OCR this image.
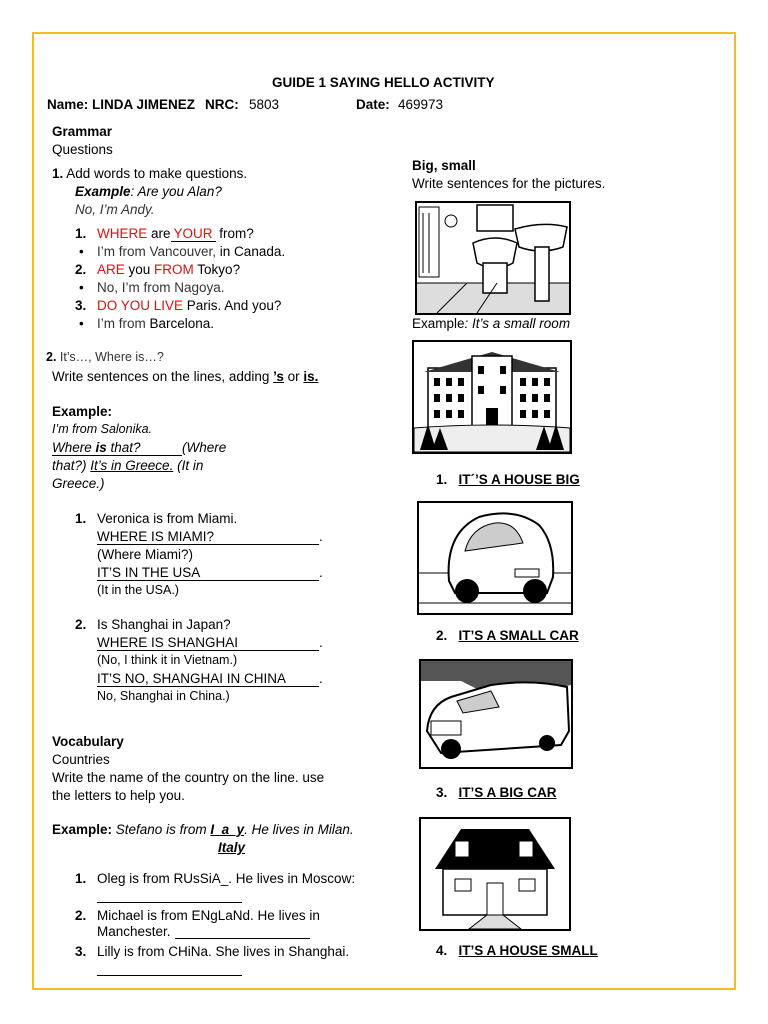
GUIDE 1 SAYING HELLO ACTIVITY
Name: LINDA JIMENEZ NRC: 5803	Date: 469973
Grammar
Questions
1. Add words to make questions.
Example: Are you Alan?
No, I’m Andy.
1. WHERE are YOUR from?
• I’m from Vancouver, in Canada.
2. ARE you FROM Tokyo?
• No, I’m from Nagoya.
3. DO YOU LIVE Paris. And you?
• I’m from Barcelona.
2. It’s…, Where is…?
Write sentences on the lines, adding ’s or is.
Example:
I’m from Salonika.
Where is that?	(Where
that?) It’s in Greece. (It in
Greece.)
1. Veronica is from Miami.
WHERE IS MIAMI?	.
(Where Miami?)
IT’S IN THE USA	.
(It in the USA.)
2. Is Shanghai in Japan?
WHERE IS SHANGHAI	.
(No, I think it in Vietnam.)
IT’S NO, SHANGHAI IN CHINA .
No, Shanghai in China.)
Vocabulary
Countries
Write the name of the country on the line. use
the letters to help you.
Example: Stefano is from I_a_y. He lives in Milan.
Italy
1. Oleg is from RUsSiA_. He lives in Moscow:
2. Michael is from ENgLaNd. He lives in
Manchester.
3. Lilly is from CHiNa. She lives in Shanghai.
Big, small
Write sentences for the pictures.
Example: It’s a small room
1. IT´’S A HOUSE BIG
2. IT’S A SMALL CAR
3. IT’S A BIG CAR
4. IT’S A HOUSE SMALL
